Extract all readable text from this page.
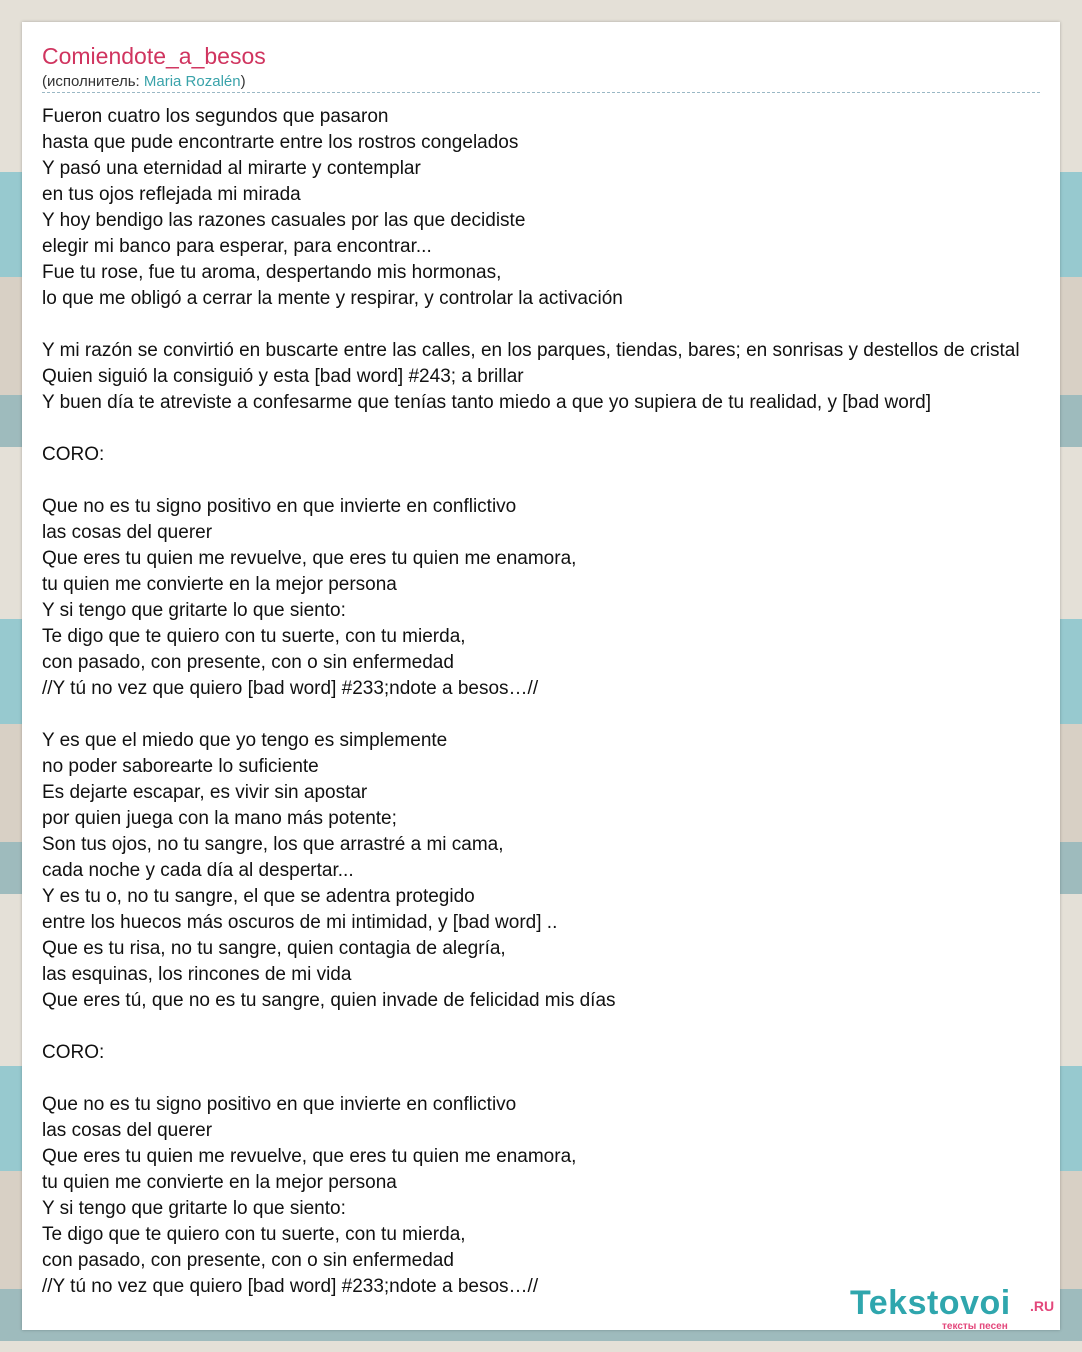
Comiendote_a_besos
(исполнитель: Maria Rozalén)
Fueron cuatro los segundos que pasaron
hasta que pude encontrarte entre los rostros congelados
Y pasó una eternidad al mirarte y contemplar
en tus ojos reflejada mi mirada
Y hoy bendigo las razones casuales por las que decidiste
elegir mi banco para esperar, para encontrar...
Fue tu rose, fue tu aroma, despertando mis hormonas,
lo que me obligó a cerrar la mente y respirar, y controlar la activación
Y mi razón se convirtió en buscarte entre las calles, en los parques, tiendas, bares; en sonrisas y destellos de cristal
Quien siguió la consiguió y esta [bad word] #243; a brillar
Y buen día te atreviste a confesarme que tenías tanto miedo a que yo supiera de tu realidad, y [bad word]
CORO:
Que no es tu signo positivo en que invierte en conflictivo
las cosas del querer
Que eres tu quien me revuelve, que eres tu quien me enamora,
tu quien me convierte en la mejor persona
Y si tengo que gritarte lo que siento:
Te digo que te quiero con tu suerte, con tu mierda,
con pasado, con presente, con o sin enfermedad
//Y tú no vez que quiero [bad word] #233;ndote a besos…//
Y es que el miedo que yo tengo es simplemente
no poder saborearte lo suficiente
Es dejarte escapar, es vivir sin apostar
por quien juega con la mano más potente;
Son tus ojos, no tu sangre, los que arrastré a mi cama,
cada noche y cada día al despertar...
Y es tu o, no tu sangre, el que se adentra protegido
entre los huecos más oscuros de mi intimidad, y [bad word] ..
Que es tu risa, no tu sangre, quien contagia de alegría,
las esquinas, los rincones de mi vida
Que eres tú, que no es tu sangre, quien invade de felicidad mis días
CORO:
Que no es tu signo positivo en que invierte en conflictivo
las cosas del querer
Que eres tu quien me revuelve, que eres tu quien me enamora,
tu quien me convierte en la mejor persona
Y si tengo que gritarte lo que siento:
Te digo que te quiero con tu suerte, con tu mierda,
con pasado, con presente, con o sin enfermedad
//Y tú no vez que quiero [bad word] #233;ndote a besos…//	Tekstovoi .RU
тексты песен
